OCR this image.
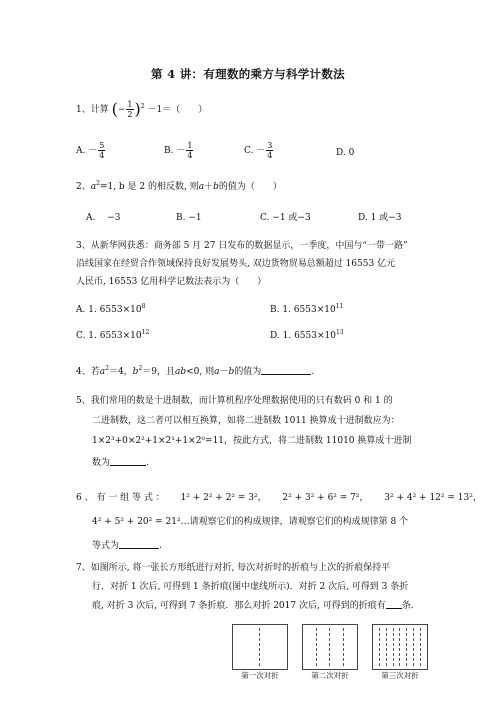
第 4 讲：有理数的乘方与科学计数法
1、计算 (− $\frac{1}{2} )^2 -1=$（　　）
A. － $\frac{5}{4}$	B. － $\frac{1}{4}$	C. － $\frac{3}{4}$	D. 0
2、$a^2=1$, b 是 2 的相反数, 则a＋b的值为（　　）
A.　 −3	B. −1	C. −1 或−3	D. 1 或−3
3、从新华网获悉：商务部 5 月 27 日发布的数据显示，一季度，中国与“一带一路”
沿线国家在经贸合作领域保持良好发展势头, 双边货物贸易总额超过 16553 亿元
人民币, 16553 亿用科学记数法表示为（　　）
A. 1. $6553\times 10^8$	B. 1. $6553\times 10^{11}$
C. 1. $6553\times 10^{12}$	D. 1. $6553\times 10^{13}$
4、若$a^2=4$，$b^2=9$，且ab<0, 则a－b的值为	.
5、我们常用的数是十进制数，而计算机程序处理数据使用的只有数码 0 和 1 的
二进制数，这二者可以相互换算，如将二进制数 1011 换算成十进制数应为：
1×2³+0×2²+1×2¹+1×2⁰=11，按此方式，将二进制数 11010 换算成十进制
数为	.
6 、 有 一 组 等 式 ： 1² + 2² + 2² = 3²，  2² + 3² + 6² = 7²，  3² + 4² + 12² = 13²，
4² + 5² + 20² = 21²…请观察它们的构成规律，请观察它们的构成规律第 8 个
等式为	.
7、如图所示, 将一张长方形纸进行对折, 每次对折时的折痕与上次的折痕保持平
行．对折 1 次后, 可得到 1 条折痕(图中虚线所示)．对折 2 次后, 可得到 3 条折
痕, 对折 3 次后, 可得到 7 条折痕．那么对折 2017 次后, 可得到的折痕有 条.
第一次对折	第二次对折	第三次对折
